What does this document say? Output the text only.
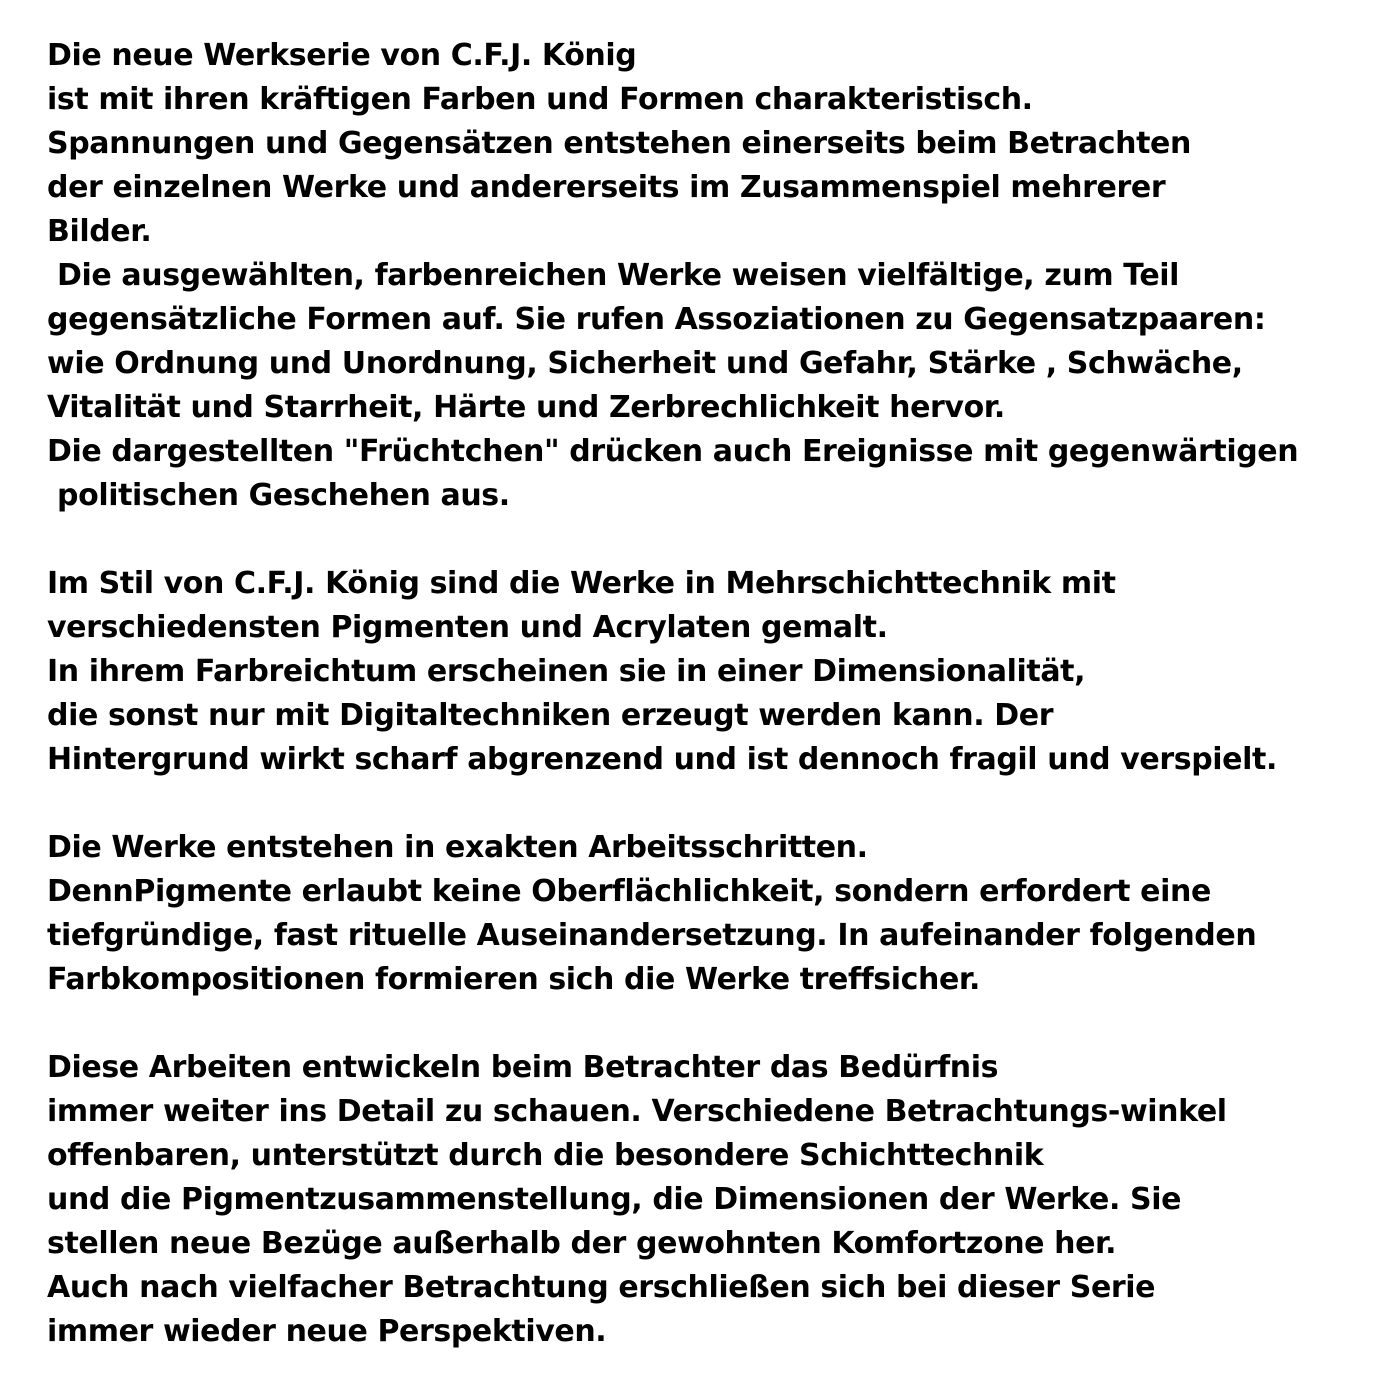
Die neue Werkserie von C.F.J. König
ist mit ihren kräftigen Farben und Formen charakteristisch.
Spannungen und Gegensätzen entstehen einerseits beim Betrachten
der einzelnen Werke und andererseits im Zusammenspiel mehrerer
Bilder.
Die ausgewählten, farbenreichen Werke weisen vielfältige, zum Teil
gegensätzliche Formen auf. Sie rufen Assoziationen zu Gegensatzpaaren:
wie Ordnung und Unordnung, Sicherheit und Gefahr, Stärke , Schwäche,
Vitalität und Starrheit, Härte und Zerbrechlichkeit hervor.
Die dargestellten "Früchtchen" drücken auch Ereignisse mit gegenwärtigen
politischen Geschehen aus.

Im Stil von C.F.J. König sind die Werke in Mehrschichttechnik mit
verschiedensten Pigmenten und Acrylaten gemalt.
In ihrem Farbreichtum erscheinen sie in einer Dimensionalität,
die sonst nur mit Digitaltechniken erzeugt werden kann. Der
Hintergrund wirkt scharf abgrenzend und ist dennoch fragil und verspielt.

Die Werke entstehen in exakten Arbeitsschritten.
DennPigmente erlaubt keine Oberflächlichkeit, sondern erfordert eine
tiefgründige, fast rituelle Auseinandersetzung. In aufeinander folgenden
Farbkompositionen formieren sich die Werke treffsicher.

Diese Arbeiten entwickeln beim Betrachter das Bedürfnis
immer weiter ins Detail zu schauen. Verschiedene Betrachtungs-winkel
offenbaren, unterstützt durch die besondere Schichttechnik
und die Pigmentzusammenstellung, die Dimensionen der Werke. Sie
stellen neue Bezüge außerhalb der gewohnten Komfortzone her.
Auch nach vielfacher Betrachtung erschließen sich bei dieser Serie
immer wieder neue Perspektiven.
